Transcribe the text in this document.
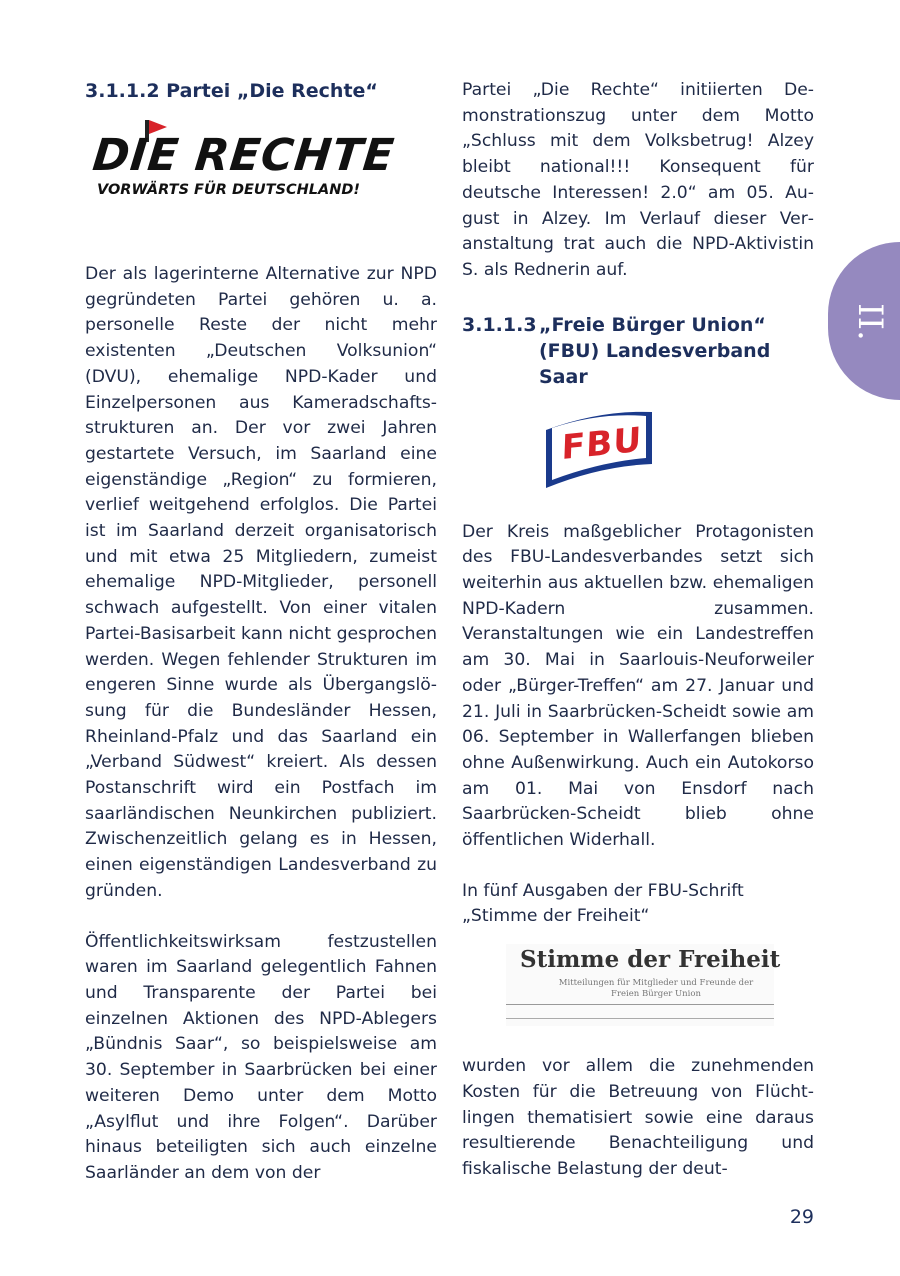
3.1.1.2 Partei „Die Rechte“
DIE RECHTE
VORWÄRTS FÜR DEUTSCHLAND!

Der als lagerinterne Alternative zur NPD gegründeten Partei gehören u. a. personelle Reste der nicht mehr existenten „Deutschen Volksunion“ (DVU), ehemalige NPD-Kader und Einzelpersonen aus Kameradschaftsstrukturen an. Der vor zwei Jahren gestartete Versuch, im Saarland eine eigenständige „Region“ zu formieren, verlief weitgehend erfolglos. Die Partei ist im Saarland derzeit organisatorisch und mit etwa 25 Mitgliedern, zumeist ehemalige NPD-Mitglieder, personell schwach aufgestellt. Von einer vitalen Partei-Basisarbeit kann nicht gesprochen werden. Wegen fehlender Strukturen im engeren Sinne wurde als Übergangslösung für die Bundesländer Hessen, Rheinland-Pfalz und das Saarland ein „Verband Südwest“ kreiert. Als dessen Postanschrift wird ein Postfach im saarländischen Neunkirchen publiziert. Zwischenzeitlich gelang es in Hessen, einen eigenständigen Landesverband zu gründen.

Öffentlichkeitswirksam festzustellen waren im Saarland gelegentlich Fahnen und Transparente der Partei bei einzelnen Aktionen des NPD-Ablegers „Bündnis Saar“, so beispielsweise am 30. September in Saarbrücken bei einer weiteren Demo unter dem Motto „Asylflut und ihre Folgen“. Darüber hinaus beteiligten sich auch einzelne Saarländer an dem von der

Partei „Die Rechte“ initiierten Demonstrationszug unter dem Motto „Schluss mit dem Volksbetrug! Alzey bleibt national!!! Konsequent für deutsche Interessen! 2.0“ am 05. August in Alzey. Im Verlauf dieser Veranstaltung trat auch die NPD-Aktivistin S. als Rednerin auf.

3.1.1.3 „Freie Bürger Union“ (FBU) Landesverband Saar
FBU

Der Kreis maßgeblicher Protagonisten des FBU-Landesverbandes setzt sich weiterhin aus aktuellen bzw. ehemaligen NPD-Kadern zusammen. Veranstaltungen wie ein Landestreffen am 30. Mai in Saarlouis-Neuforweiler oder „Bürger-Treffen“ am 27. Januar und 21. Juli in Saarbrücken-Scheidt sowie am 06. September in Wallerfangen blieben ohne Außenwirkung. Auch ein Autokorso am 01. Mai von Ensdorf nach Saarbrücken-Scheidt blieb ohne öffentlichen Widerhall.

In fünf Ausgaben der FBU-Schrift „Stimme der Freiheit“

Stimme der Freiheit
Mitteilungen für Mitglieder und Freunde der Freien Bürger Union

wurden vor allem die zunehmenden Kosten für die Betreuung von Flüchtlingen thematisiert sowie eine daraus resultierende Benachteiligung und fiskalische Belastung der deut-

II.
29
